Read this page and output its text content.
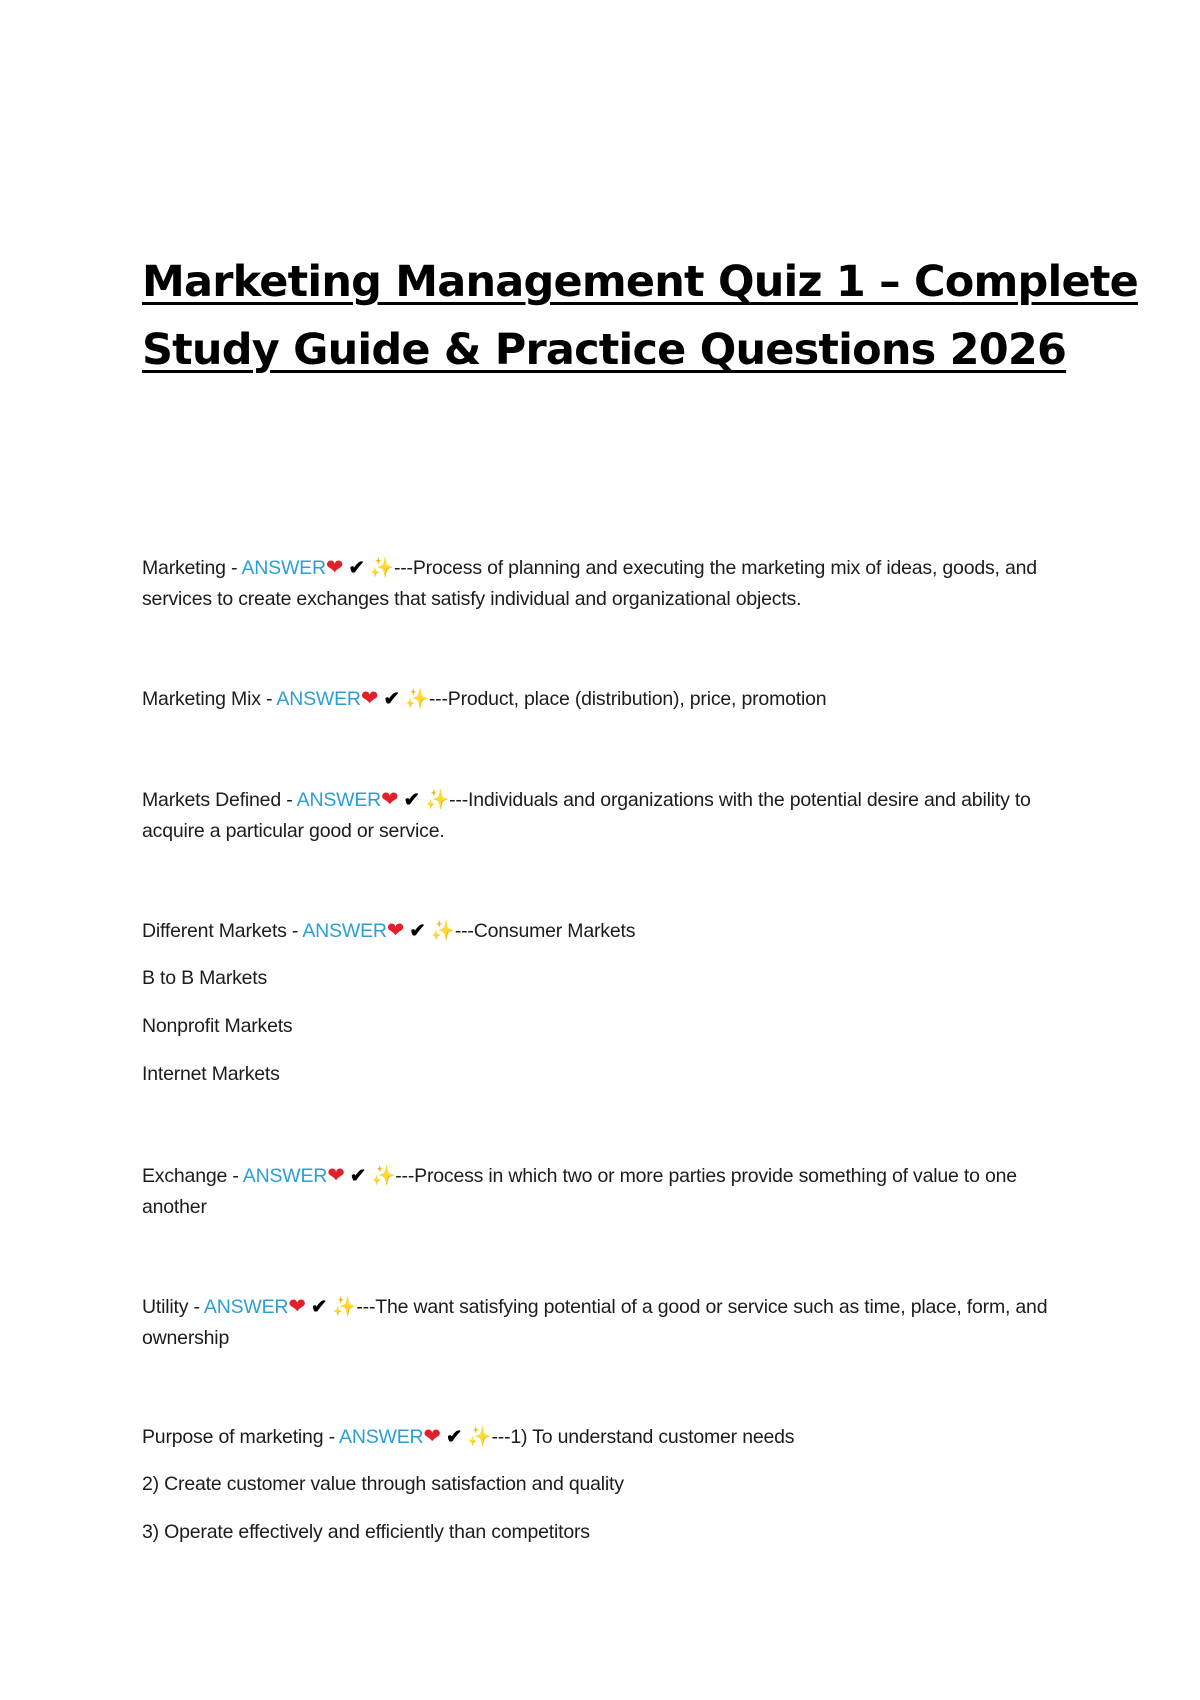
Marketing Management Quiz 1 – Complete
Study Guide & Practice Questions 2026

Marketing - ANSWER❤ ✔ ✨---Process of planning and executing the marketing mix of ideas, goods, and services to create exchanges that satisfy individual and organizational objects.

Marketing Mix - ANSWER❤ ✔ ✨---Product, place (distribution), price, promotion

Markets Defined - ANSWER❤ ✔ ✨---Individuals and organizations with the potential desire and ability to acquire a particular good or service.

Different Markets - ANSWER❤ ✔ ✨---Consumer Markets
B to B Markets
Nonprofit Markets
Internet Markets

Exchange - ANSWER❤ ✔ ✨---Process in which two or more parties provide something of value to one another

Utility - ANSWER❤ ✔ ✨---The want satisfying potential of a good or service such as time, place, form, and ownership

Purpose of marketing - ANSWER❤ ✔ ✨---1) To understand customer needs
2) Create customer value through satisfaction and quality
3) Operate effectively and efficiently than competitors
